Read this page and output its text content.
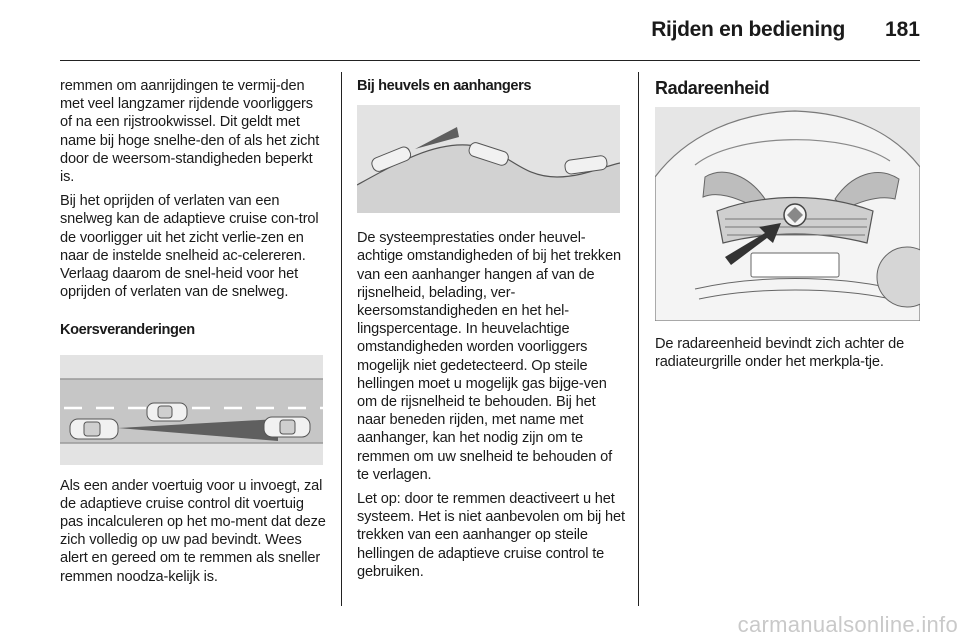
Rijden en bediening	181

remmen om aanrijdingen te vermij-den met veel langzamer rijdende voorliggers of na een rijstrookwissel. Dit geldt met name bij hoge snelhe-den of als het zicht door de weersom-standigheden beperkt is.

Bij het oprijden of verlaten van een snelweg kan de adaptieve cruise con-trol de voorligger uit het zicht verlie-zen en naar de instelde snelheid ac-celereren. Verlaag daarom de snel-heid voor het oprijden of verlaten van de snelweg.

Koersveranderingen

Als een ander voertuig voor u invoegt, zal de adaptieve cruise control dit voertuig pas incalculeren op het mo-ment dat deze zich volledig op uw pad bevindt. Wees alert en gereed om te remmen als sneller remmen noodza-kelijk is.

Bij heuvels en aanhangers

De systeemprestaties onder heuvel-achtige omstandigheden of bij het trekken van een aanhanger hangen af van de rijsnelheid, belading, ver-keersomstandigheden en het hel-lingspercentage. In heuvelachtige omstandigheden worden voorliggers mogelijk niet gedetecteerd. Op steile hellingen moet u mogelijk gas bijge-ven om de rijsnelheid te behouden. Bij het naar beneden rijden, met name met aanhanger, kan het nodig zijn om te remmen om uw snelheid te behouden of te verlagen.

Let op: door te remmen deactiveert u het systeem. Het is niet aanbevolen om bij het trekken van een aanhanger op steile hellingen de adaptieve cruise control te gebruiken.

Radareenheid

De radareenheid bevindt zich achter de radiateurgrille onder het merkpla-tje.

carmanualsonline.info
